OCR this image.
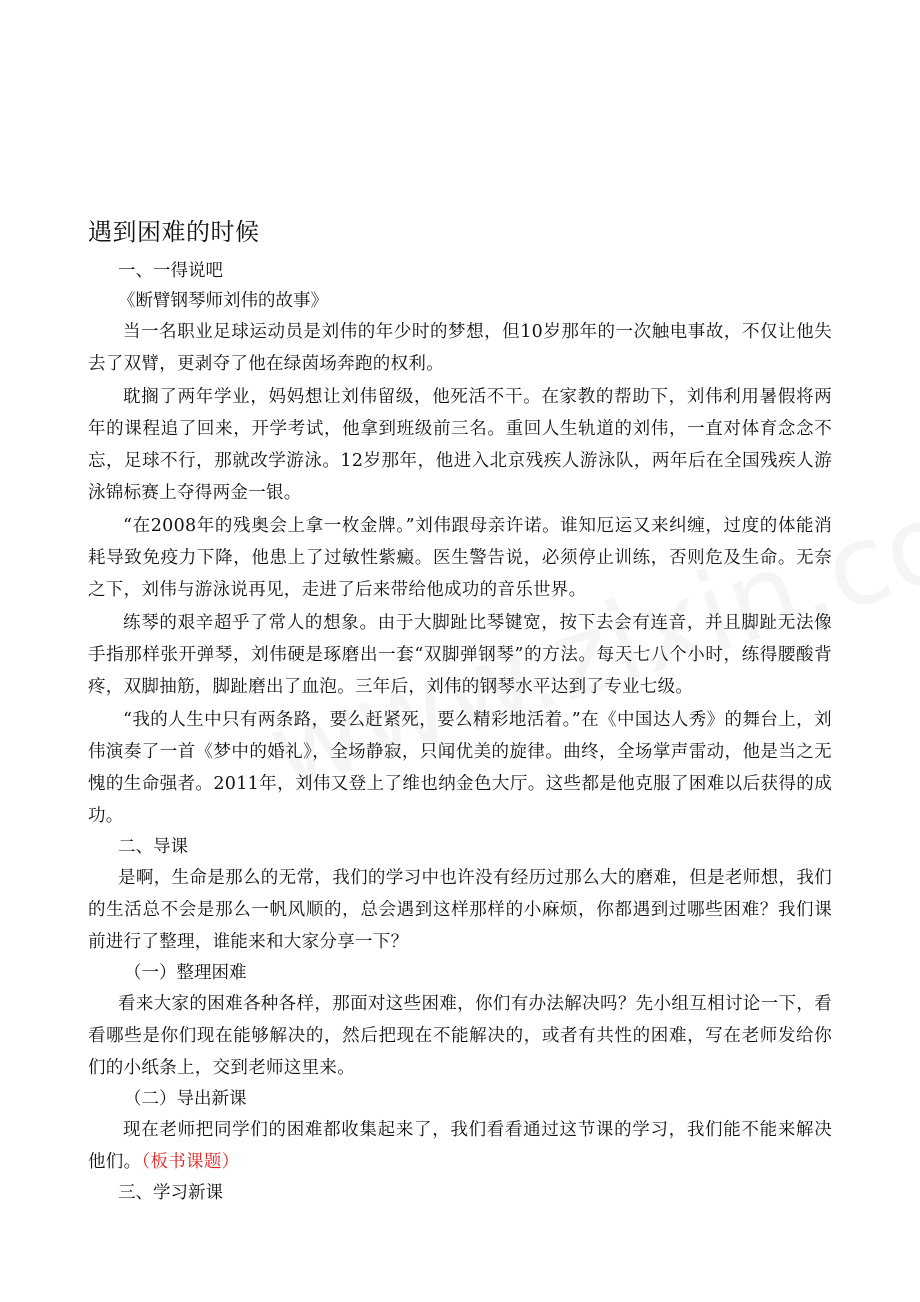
遇到困难的时候

一、一得说吧

《断臂钢琴师刘伟的故事》

当一名职业足球运动员是刘伟的年少时的梦想，但10岁那年的一次触电事故，不仅让他失去了双臂，更剥夺了他在绿茵场奔跑的权利。

耽搁了两年学业，妈妈想让刘伟留级，他死活不干。在家教的帮助下，刘伟利用暑假将两年的课程追了回来，开学考试，他拿到班级前三名。重回人生轨道的刘伟，一直对体育念念不忘，足球不行，那就改学游泳。12岁那年，他进入北京残疾人游泳队，两年后在全国残疾人游泳锦标赛上夺得两金一银。

“在2008年的残奥会上拿一枚金牌。”刘伟跟母亲许诺。谁知厄运又来纠缠，过度的体能消耗导致免疫力下降，他患上了过敏性紫癜。医生警告说，必须停止训练，否则危及生命。无奈之下，刘伟与游泳说再见，走进了后来带给他成功的音乐世界。

练琴的艰辛超乎了常人的想象。由于大脚趾比琴键宽，按下去会有连音，并且脚趾无法像手指那样张开弹琴，刘伟硬是琢磨出一套“双脚弹钢琴”的方法。每天七八个小时，练得腰酸背疼，双脚抽筋，脚趾磨出了血泡。三年后，刘伟的钢琴水平达到了专业七级。

“我的人生中只有两条路，要么赶紧死，要么精彩地活着。”在《中国达人秀》的舞台上，刘伟演奏了一首《梦中的婚礼》，全场静寂，只闻优美的旋律。曲终，全场掌声雷动，他是当之无愧的生命强者。2011年，刘伟又登上了维也纳金色大厅。这些都是他克服了困难以后获得的成功。

二、导课

是啊，生命是那么的无常，我们的学习中也许没有经历过那么大的磨难，但是老师想，我们的生活总不会是那么一帆风顺的，总会遇到这样那样的小麻烦，你都遇到过哪些困难？我们课前进行了整理，谁能来和大家分享一下？

（一）整理困难

看来大家的困难各种各样，那面对这些困难，你们有办法解决吗？先小组互相讨论一下，看看哪些是你们现在能够解决的，然后把现在不能解决的，或者有共性的困难，写在老师发给你们的小纸条上，交到老师这里来。

（二）导出新课

现在老师把同学们的困难都收集起来了，我们看看通过这节课的学习，我们能不能来解决他们。（板书课题）

三、学习新课
